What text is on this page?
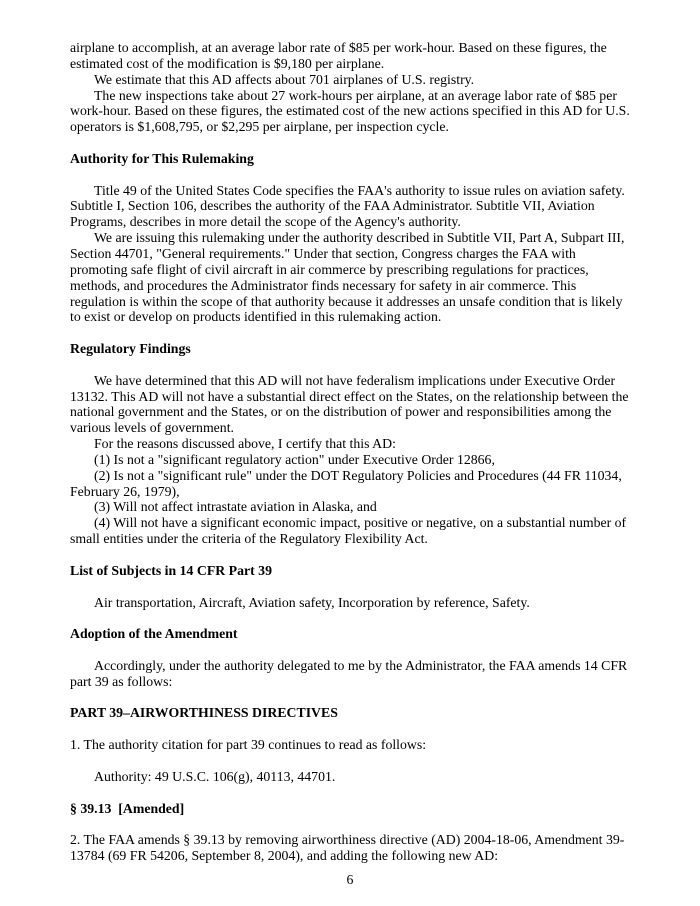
airplane to accomplish, at an average labor rate of $85 per work-hour. Based on these figures, the
estimated cost of the modification is $9,180 per airplane.
We estimate that this AD affects about 701 airplanes of U.S. registry.
The new inspections take about 27 work-hours per airplane, at an average labor rate of $85 per
work-hour. Based on these figures, the estimated cost of the new actions specified in this AD for U.S.
operators is $1,608,795, or $2,295 per airplane, per inspection cycle.
Authority for This Rulemaking
Title 49 of the United States Code specifies the FAA's authority to issue rules on aviation safety.
Subtitle I, Section 106, describes the authority of the FAA Administrator. Subtitle VII, Aviation
Programs, describes in more detail the scope of the Agency's authority.
We are issuing this rulemaking under the authority described in Subtitle VII, Part A, Subpart III,
Section 44701, "General requirements." Under that section, Congress charges the FAA with
promoting safe flight of civil aircraft in air commerce by prescribing regulations for practices,
methods, and procedures the Administrator finds necessary for safety in air commerce. This
regulation is within the scope of that authority because it addresses an unsafe condition that is likely
to exist or develop on products identified in this rulemaking action.
Regulatory Findings
We have determined that this AD will not have federalism implications under Executive Order
13132. This AD will not have a substantial direct effect on the States, on the relationship between the
national government and the States, or on the distribution of power and responsibilities among the
various levels of government.
For the reasons discussed above, I certify that this AD:
(1) Is not a "significant regulatory action" under Executive Order 12866,
(2) Is not a "significant rule" under the DOT Regulatory Policies and Procedures (44 FR 11034,
February 26, 1979),
(3) Will not affect intrastate aviation in Alaska, and
(4) Will not have a significant economic impact, positive or negative, on a substantial number of
small entities under the criteria of the Regulatory Flexibility Act.
List of Subjects in 14 CFR Part 39
Air transportation, Aircraft, Aviation safety, Incorporation by reference, Safety.
Adoption of the Amendment
Accordingly, under the authority delegated to me by the Administrator, the FAA amends 14 CFR
part 39 as follows:
PART 39–AIRWORTHINESS DIRECTIVES
1. The authority citation for part 39 continues to read as follows:
Authority: 49 U.S.C. 106(g), 40113, 44701.
§ 39.13  [Amended]
2. The FAA amends § 39.13 by removing airworthiness directive (AD) 2004-18-06, Amendment 39-
13784 (69 FR 54206, September 8, 2004), and adding the following new AD:
6
